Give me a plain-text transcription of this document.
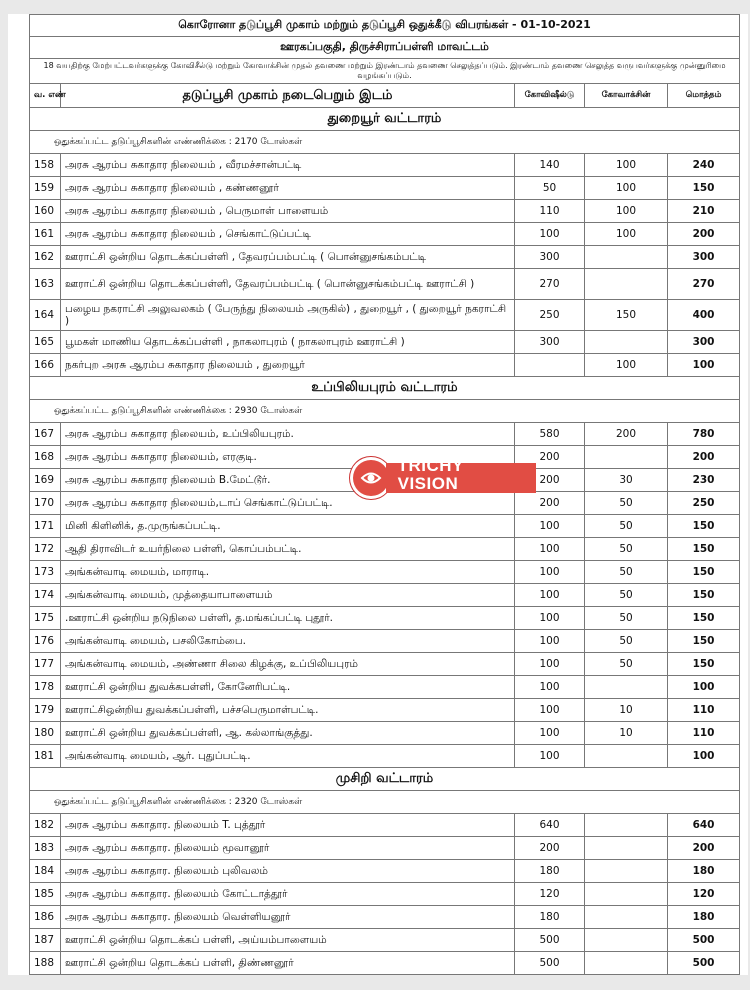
கொரோனா தடுப்பூசி முகாம் மற்றும் தடுப்பூசி ஒதுக்கீடு விபரங்கள் - 01-10-2021				
ஊரகப்பகுதி, திருச்சிராப்பள்ளி மாவட்டம்				
18 வயதிற்கு மேற்பட்டவர்களுக்கு கோவிசீல்டு மற்றும் கோவாக்சின் முதல் தவணை மற்றும் இரண்டாம் தவணை செலுத்தப்படும். இரண்டாம் தவணை செலுத்த வருபவர்களுக்கு முன்னுரிமை வழங்கப்படும்.				
வ. எண்	தடுப்பூசி முகாம் நடைபெறும் இடம்	கோவிஷீல்டு	கோவாக்சின்	மொத்தம்
துறையூர் வட்டாரம்				
ஒதுக்கப்பட்ட தடுப்பூசிகளின் எண்ணிக்கை : 2170 டோஸ்கள்				
158	அரசு ஆரம்ப சுகாதார நிலையம் , வீரமச்சான்பட்டி	140	100	240
159	அரசு ஆரம்ப சுகாதார நிலையம் , கண்ணனூர்	50	100	150
160	அரசு ஆரம்ப சுகாதார நிலையம் , பெருமாள் பாளையம்	110	100	210
161	அரசு ஆரம்ப சுகாதார நிலையம் , செங்காட்டுப்பட்டி	100	100	200
162	ஊராட்சி ஒன்றிய தொடக்கப்பள்ளி , தேவரப்பம்பட்டி ( பொன்னுசங்கம்பட்டி	300		300
163	ஊராட்சி ஒன்றிய தொடக்கப்பள்ளி, தேவரப்பம்பட்டி ( பொன்னுசங்கம்பட்டி ஊராட்சி )	270		270
164	பழைய நகராட்சி அலுவலகம் ( பேருந்து நிலையம் அருகில்) , துறையூர் , ( துறையூர் நகராட்சி )	250	150	400
165	பூமகள் மாணிய தொடக்கப்பள்ளி , நாகலாபுரம் ( நாகலாபுரம் ஊராட்சி )	300		300
166	நகர்புற அரசு ஆரம்ப சுகாதார நிலையம் , துறையூர்		100	100
உப்பிலியபுரம் வட்டாரம்				
ஒதுக்கப்பட்ட தடுப்பூசிகளின் எண்ணிக்கை : 2930 டோஸ்கள்				
167	அரசு ஆரம்ப சுகாதார நிலையம், உப்பிலியபுரம்.	580	200	780
168	அரசு ஆரம்ப சுகாதார நிலையம், எரகுடி.	200		200
169	அரசு ஆரம்ப சுகாதார நிலையம் B.மேட்டூர்.	200	30	230
170	அரசு ஆரம்ப சுகாதார நிலையம்,டாப் செங்காட்டுப்பட்டி.	200	50	250
171	மினி கிளினிக், த.முருங்கப்பட்டி.	100	50	150
172	ஆதி திராவிடர் உயர்நிலை பள்ளி, கொப்பம்பட்டி.	100	50	150
173	அங்கன்வாடி மையம், மாராடி.	100	50	150
174	அங்கன்வாடி மையம், முத்தையாபாளையம்	100	50	150
175	.ஊராட்சி ஒன்றிய நடுநிலை பள்ளி, த.மங்கப்பட்டி புதூர்.	100	50	150
176	அங்கன்வாடி மையம், பசலிகோம்பை.	100	50	150
177	அங்கன்வாடி மையம், அண்ணா சிலை கிழக்கு, உப்பிலியபுரம்	100	50	150
178	ஊராட்சி ஒன்றிய துவக்கபள்ளி, கோனேரிபட்டி.	100		100
179	ஊராட்சிஒன்றிய துவக்கப்பள்ளி, பச்சபெருமாள்பட்டி.	100	10	110
180	ஊராட்சி ஒன்றிய துவக்கப்பள்ளி, ஆ. கல்லாங்குத்து.	100	10	110
181	அங்கன்வாடி மையம், ஆர். புதுப்பட்டி.	100		100
முசிறி வட்டாரம்				
ஒதுக்கப்பட்ட தடுப்பூசிகளின் எண்ணிக்கை : 2320 டோஸ்கள்				
182	அரசு ஆரம்ப சுகாதார. நிலையம் T. புத்தூர்	640		640
183	அரசு ஆரம்ப சுகாதார. நிலையம் மூவானூர்	200		200
184	அரசு ஆரம்ப சுகாதார. நிலையம் புலிவலம்	180		180
185	அரசு ஆரம்ப சுகாதார. நிலையம் கோட்டாத்தூர்	120		120
186	அரசு ஆரம்ப சுகாதார. நிலையம் வெள்ளியனூர்	180		180
187	ஊராட்சி ஒன்றிய தொடக்கப் பள்ளி, அய்யம்பாளையம்	500		500
188	ஊராட்சி ஒன்றிய தொடக்கப் பள்ளி, திண்ணனூர்	500		500
TRICHY VISION
THE THIRD EYE
